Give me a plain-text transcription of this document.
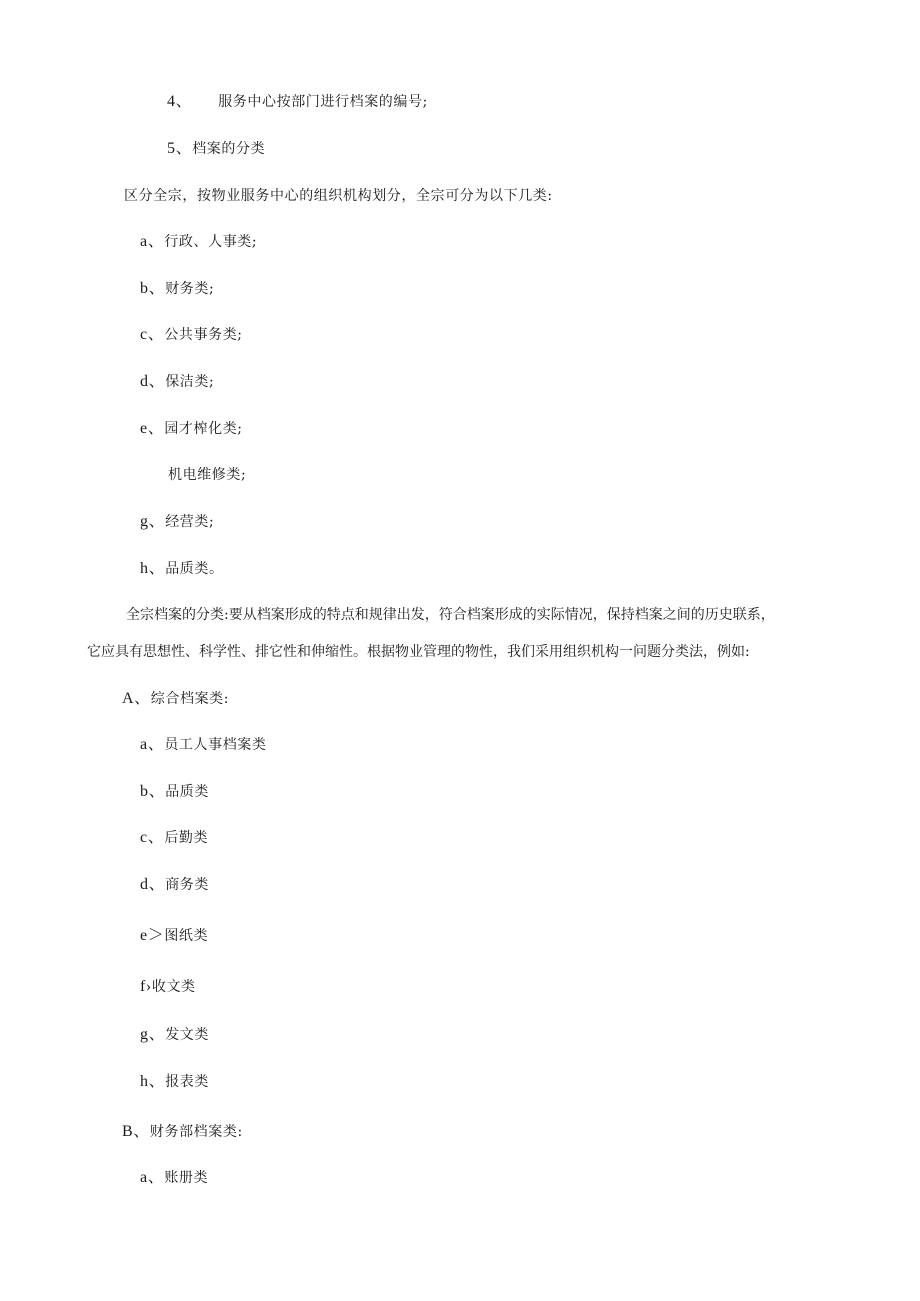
4、 服务中心按部门进行档案的编号;
5、档案的分类
区分全宗，按物业服务中心的组织机构划分，全宗可分为以下几类:
a、行政、人事类;
b、财务类;
c、公共事务类;
d、保洁类;
e、园才榨化类;
机电维修类;
g、经营类;
h、品质类。
全宗档案的分类:要从档案形成的特点和规律出发，符合档案形成的实际情况，保持档案之间的历史联系，
它应具有思想性、科学性、排它性和伸缩性。根据物业管理的物性，我们采用组织机构一问题分类法，例如:
A、综合档案类:
a、员工人事档案类
b、品质类
c、后勤类
d、商务类
e＞图纸类
f›收文类
g、发文类
h、报表类
B、财务部档案类:
a、账册类
